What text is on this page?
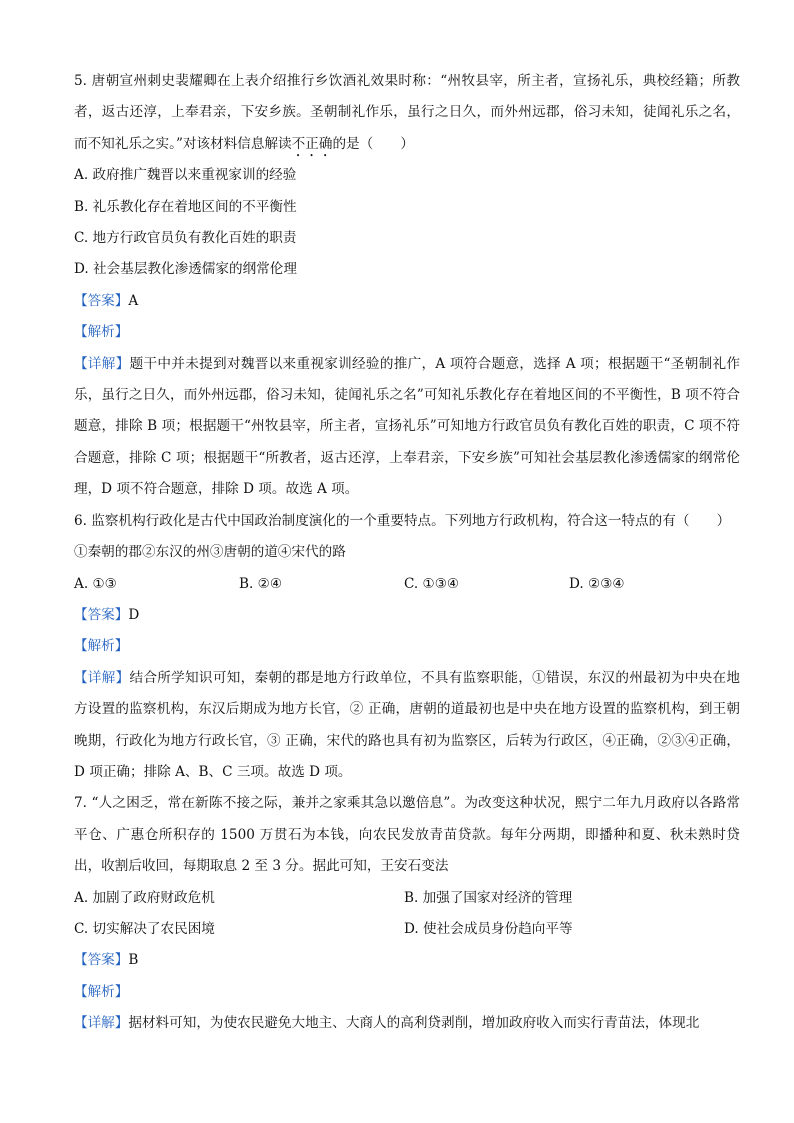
5. 唐朝宣州刺史裴耀卿在上表介绍推行乡饮酒礼效果时称：“州牧县宰，所主者，宣扬礼乐，典校经籍；所教者，返古还淳，上奉君亲，下安乡族。圣朝制礼作乐，虽行之日久，而外州远郡，俗习未知，徒闻礼乐之名，而不知礼乐之实。”对该材料信息解读不正确的是（　　）

A. 政府推广魏晋以来重视家训的经验

B. 礼乐教化存在着地区间的不平衡性

C. 地方行政官员负有教化百姓的职责

D. 社会基层教化渗透儒家的纲常伦理

【答案】A

【解析】

【详解】题干中并未提到对魏晋以来重视家训经验的推广，A 项符合题意，选择 A 项；根据题干“圣朝制礼作乐，虽行之日久，而外州远郡，俗习未知，徒闻礼乐之名”可知礼乐教化存在着地区间的不平衡性，B 项不符合题意，排除 B 项；根据题干“州牧县宰，所主者，宣扬礼乐”可知地方行政官员负有教化百姓的职责，C 项不符合题意，排除 C 项；根据题干“所教者，返古还淳，上奉君亲，下安乡族”可知社会基层教化渗透儒家的纲常伦理，D 项不符合题意，排除 D 项。故选 A 项。

6. 监察机构行政化是古代中国政治制度演化的一个重要特点。下列地方行政机构，符合这一特点的有（　　）

①秦朝的郡②东汉的州③唐朝的道④宋代的路

A. ①③	B. ②④	C. ①③④	D. ②③④

【答案】D

【解析】

【详解】结合所学知识可知，秦朝的郡是地方行政单位，不具有监察职能，①错误，东汉的州最初为中央在地方设置的监察机构，东汉后期成为地方长官，② 正确，唐朝的道最初也是中央在地方设置的监察机构，到王朝晚期，行政化为地方行政长官，③ 正确，宋代的路也具有初为监察区，后转为行政区，④正确，②③④正确，D 项正确；排除 A、B、C 三项。故选 D 项。

7. “人之困乏，常在新陈不接之际，兼并之家乘其急以邀倍息”。为改变这种状况，熙宁二年九月政府以各路常平仓、广惠仓所积存的 1500 万贯石为本钱，向农民发放青苗贷款。每年分两期，即播种和夏、秋未熟时贷出，收割后收回，每期取息 2 至 3 分。据此可知，王安石变法

A. 加剧了政府财政危机	B. 加强了国家对经济的管理
C. 切实解决了农民困境	D. 使社会成员身份趋向平等

【答案】B

【解析】

【详解】据材料可知，为使农民避免大地主、大商人的高利贷剥削，增加政府收入而实行青苗法，体现北
